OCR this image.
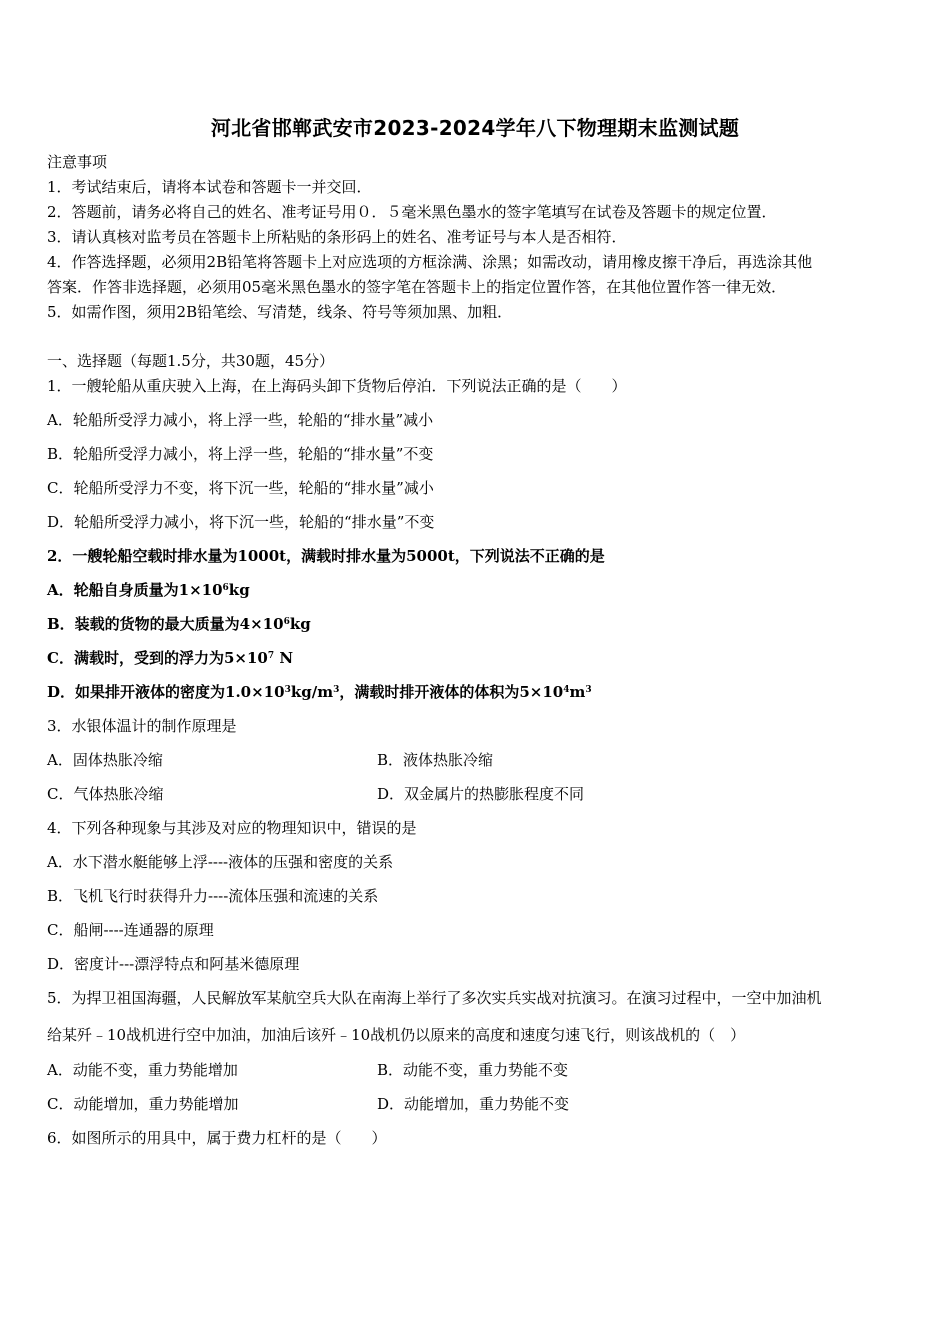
河北省邯郸武安市2023-2024学年八下物理期末监测试题
注意事项
1．考试结束后，请将本试卷和答题卡一并交回．
2．答题前，请务必将自己的姓名、准考证号用０．５毫米黑色墨水的签字笔填写在试卷及答题卡的规定位置．
3．请认真核对监考员在答题卡上所粘贴的条形码上的姓名、准考证号与本人是否相符．
4．作答选择题，必须用2B铅笔将答题卡上对应选项的方框涂满、涂黑；如需改动，请用橡皮擦干净后，再选涂其他
答案．作答非选择题，必须用05毫米黑色墨水的签字笔在答题卡上的指定位置作答，在其他位置作答一律无效．
5．如需作图，须用2B铅笔绘、写清楚，线条、符号等须加黑、加粗．
一、选择题（每题1.5分，共30题，45分）
1．一艘轮船从重庆驶入上海，在上海码头卸下货物后停泊．下列说法正确的是（　　）
A．轮船所受浮力减小，将上浮一些，轮船的“排水量”减小
B．轮船所受浮力减小，将上浮一些，轮船的“排水量”不变
C．轮船所受浮力不变，将下沉一些，轮船的“排水量”减小
D．轮船所受浮力减小，将下沉一些，轮船的“排水量”不变
2．一艘轮船空载时排水量为1000t，满载时排水量为5000t，下列说法不正确的是
A．轮船自身质量为$1\times 10^6kg$
B．装载的货物的最大质量为$4\times 10^6kg$
C．满载时，受到的浮力为$5\times 10^7$ N
D．如果排开液体的密度为$1.0\times 10^3kg/m^3$，满载时排开液体的体积为$5\times 10^4m^3$
3．水银体温计的制作原理是
A．固体热胀冷缩	B．液体热胀冷缩
C．气体热胀冷缩	D．双金属片的热膨胀程度不同
4．下列各种现象与其涉及对应的物理知识中，错误的是
A．水下潜水艇能够上浮----液体的压强和密度的关系
B．飞机飞行时获得升力----流体压强和流速的关系
C．船闸----连通器的原理
D．密度计---漂浮特点和阿基米德原理
5．为捍卫祖国海疆，人民解放军某航空兵大队在南海上举行了多次实兵实战对抗演习。在演习过程中，一空中加油机
给某歼﹣10战机进行空中加油，加油后该歼﹣10战机仍以原来的高度和速度匀速飞行，则该战机的（　）
A．动能不变，重力势能增加	B．动能不变，重力势能不变
C．动能增加，重力势能增加	D．动能增加，重力势能不变
6．如图所示的用具中，属于费力杠杆的是（　　）
